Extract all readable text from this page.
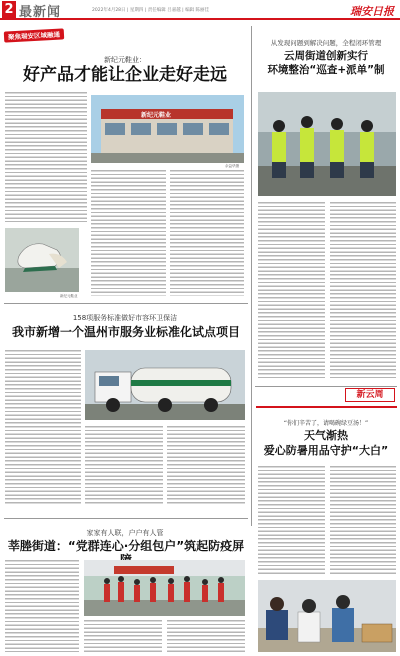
2 最新闻	2022年4月28日 | 星期四 | 责任编辑 吕嘉越 | 编辑 陈丽佳	瑞安日报
聚焦瑞安区域融通
新纪元鞋业：
好产品才能让企业走好走远
新纪元鞋业
新纪元鞋业
余益华摄
158项服务标准做好市容环卫保洁
我市新增一个温州市服务业标准化试点项目
家家有人联，户户有人管
莘塍街道：“党群连心·分组包户”筑起防疫屏
从发现问题到解决问题，全程闭环管理
云周街道创新实行
环境整治“巡查+派单”制
新云周
“你们辛苦了，请喝碗绿豆汤！”
天气渐热
爱心防暑用品守护“大白”
